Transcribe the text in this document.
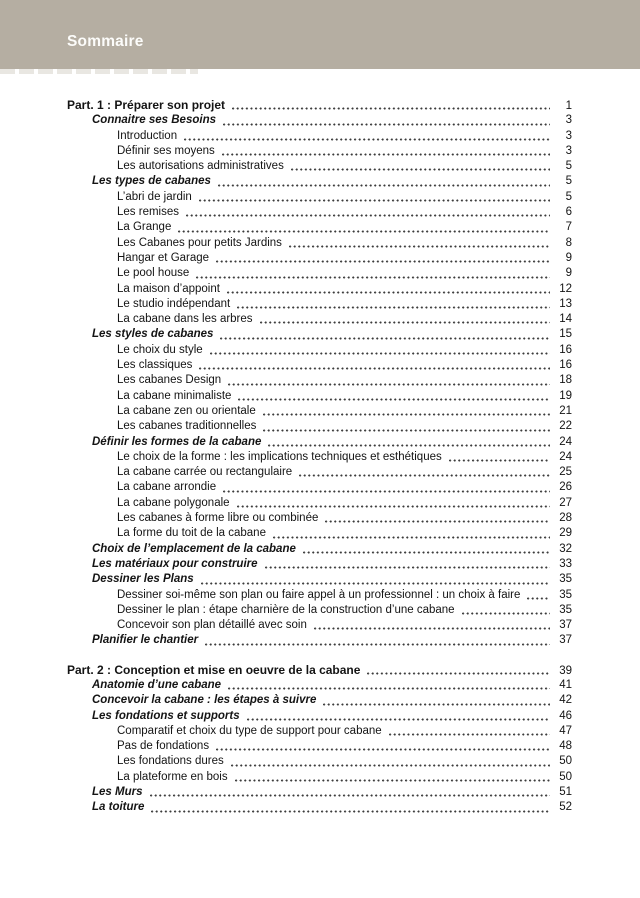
Sommaire
Part. 1 : Préparer son projet	1
Connaitre ses Besoins	3
Introduction	3
Définir ses moyens	3
Les autorisations administratives	5
Les types de cabanes	5
L’abri de jardin	5
Les remises	6
La Grange	7
Les Cabanes pour petits Jardins	8
Hangar et Garage	9
Le pool house	9
La maison d’appoint	12
Le studio indépendant	13
La cabane dans les arbres	14
Les styles de cabanes	15
Le choix du style	16
Les classiques	16
Les cabanes Design	18
La cabane minimaliste	19
La cabane zen ou orientale	21
Les cabanes traditionnelles	22
Définir les formes de la cabane	24
Le choix de la forme : les implications techniques et esthétiques	24
La cabane carrée ou rectangulaire	25
La cabane arrondie	26
La cabane polygonale	27
Les cabanes à forme libre ou combinée	28
La forme du toit de la cabane	29
Choix de l’emplacement de la cabane	32
Les matériaux pour construire	33
Dessiner les Plans	35
Dessiner soi-même son plan ou faire appel à un professionnel : un choix à faire	35
Dessiner le plan : étape charnière de la construction d’une cabane	35
Concevoir son plan détaillé avec soin	37
Planifier le chantier	37
Part. 2 : Conception et mise en oeuvre de la cabane	39
Anatomie d’une cabane	41
Concevoir la cabane : les étapes à suivre	42
Les fondations et supports	46
Comparatif et choix du type de support pour cabane	47
Pas de fondations	48
Les fondations dures	50
La plateforme en bois	50
Les Murs	51
La toiture	52
